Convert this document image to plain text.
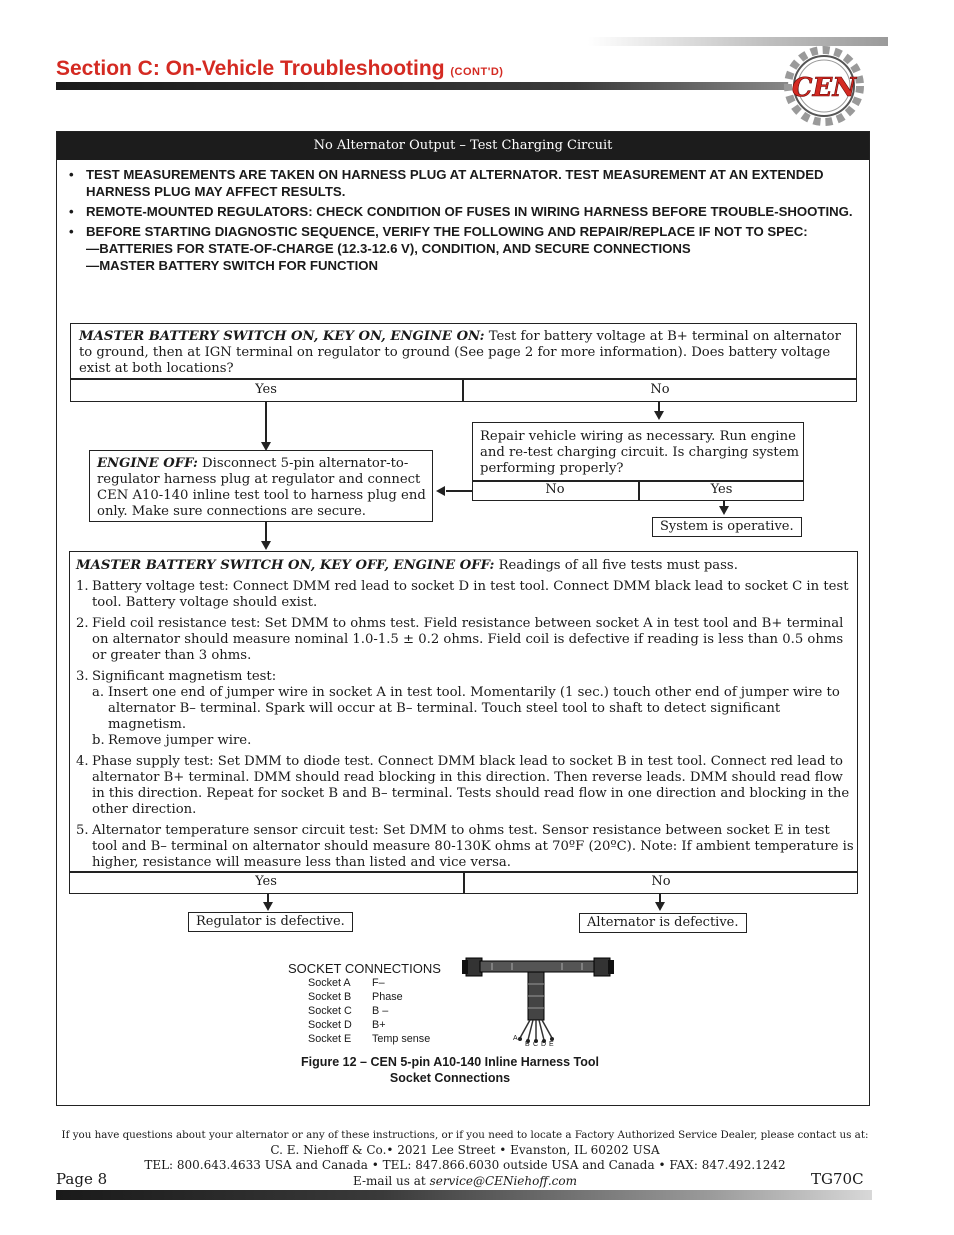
Section C: On-Vehicle Troubleshooting (CONT'D)
CEN
No Alternator Output – Test Charging Circuit
• TEST MEASUREMENTS ARE TAKEN ON HARNESS PLUG AT ALTERNATOR. TEST MEASUREMENT AT AN EXTENDED HARNESS PLUG MAY AFFECT RESULTS.
• REMOTE-MOUNTED REGULATORS: CHECK CONDITION OF FUSES IN WIRING HARNESS BEFORE TROUBLE-SHOOTING.
• BEFORE STARTING DIAGNOSTIC SEQUENCE, VERIFY THE FOLLOWING AND REPAIR/REPLACE IF NOT TO SPEC:
—BATTERIES FOR STATE-OF-CHARGE (12.3-12.6 V), CONDITION, AND SECURE CONNECTIONS
—MASTER BATTERY SWITCH FOR FUNCTION
MASTER BATTERY SWITCH ON, KEY ON, ENGINE ON: Test for battery voltage at B+ terminal on alternator to ground, then at IGN terminal on regulator to ground (See page 2 for more information). Does battery voltage exist at both locations?
Yes	No
Repair vehicle wiring as necessary. Run engine and re-test charging circuit. Is charging system performing properly?
No	Yes
System is operative.
ENGINE OFF: Disconnect 5-pin alternator-to-regulator harness plug at regulator and connect CEN A10-140 inline test tool to harness plug end only. Make sure connections are secure.
MASTER BATTERY SWITCH ON, KEY OFF, ENGINE OFF: Readings of all five tests must pass.
1. Battery voltage test: Connect DMM red lead to socket D in test tool. Connect DMM black lead to socket C in test tool. Battery voltage should exist.
2. Field coil resistance test: Set DMM to ohms test. Field resistance between socket A in test tool and B+ terminal on alternator should measure nominal 1.0-1.5 ± 0.2 ohms. Field coil is defective if reading is less than 0.5 ohms or greater than 3 ohms.
3. Significant magnetism test:
a. Insert one end of jumper wire in socket A in test tool. Momentarily (1 sec.) touch other end of jumper wire to alternator B– terminal. Spark will occur at B– terminal. Touch steel tool to shaft to detect significant magnetism.
b. Remove jumper wire.
4. Phase supply test: Set DMM to diode test. Connect DMM black lead to socket B in test tool. Connect red lead to alternator B+ terminal. DMM should read blocking in this direction. Then reverse leads. DMM should read flow in this direction. Repeat for socket B and B– terminal. Tests should read flow in one direction and blocking in the other direction.
5. Alternator temperature sensor circuit test: Set DMM to ohms test. Sensor resistance between socket E in test tool and B– terminal on alternator should measure 80-130K ohms at 70ºF (20ºC). Note: If ambient temperature is higher, resistance will measure less than listed and vice versa.
Yes	No
Regulator is defective.	Alternator is defective.
SOCKET CONNECTIONS
Socket A F–
Socket B Phase
Socket C B –
Socket D B+
Socket E Temp sense	A
B C D E
Figure 12 – CEN 5-pin A10-140 Inline Harness Tool
Socket Connections
If you have questions about your alternator or any of these instructions, or if you need to locate a Factory Authorized Service Dealer, please contact us at:
C. E. Niehoff & Co.• 2021 Lee Street • Evanston, IL 60202 USA
TEL: 800.643.4633 USA and Canada • TEL: 847.866.6030 outside USA and Canada • FAX: 847.492.1242
E-mail us at service@CENiehoff.com
Page 8	TG70C
